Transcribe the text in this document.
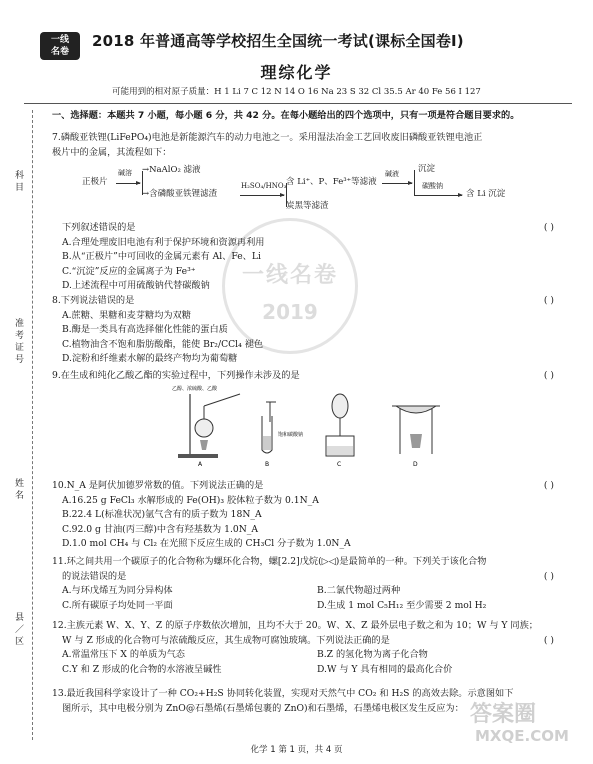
一线
名卷
2018 年普通高等学校招生全国统一考试(课标全国卷Ⅰ)
理综化学
可能用到的相对原子质量：H 1 Li 7 C 12 N 14 O 16 Na 23 S 32 Cl 35.5 Ar 40 Fe 56 I 127
科目
准考证号
姓名
县／区
一线名卷
2019
一、选择题：本题共 7 小题，每小题 6 分，共 42 分。在每小题给出的四个选项中，只有一项是符合题目要求的。
7.磷酸亚铁锂(LiFePO₄)电池是新能源汽车的动力电池之一。采用湿法冶金工艺回收废旧磷酸亚铁锂电池正
极片中的金属，其流程如下：
正极片
碱溶 →NaAlO₂ 滤液
→含磷酸亚铁锂滤渣
H₂SO₄/HNO₃ 含 Li⁺、P、Fe³⁺等滤液
炭黑等滤渣
碱液 沉淀
碳酸钠
含 Li 沉淀
下列叙述错误的是	( )
A.合理处理废旧电池有利于保护环境和资源再利用
B.从“正极片”中可回收的金属元素有 Al、Fe、Li
C.“沉淀”反应的金属离子为 Fe³⁺
D.上述流程中可用硫酸钠代替碳酸钠
8.下列说法错误的是	( )
A.蔗糖、果糖和麦芽糖均为双糖
B.酶是一类具有高选择催化性能的蛋白质
C.植物油含不饱和脂肪酸酯，能使 Br₂/CCl₄ 褪色
D.淀粉和纤维素水解的最终产物均为葡萄糖
9.在生成和纯化乙酸乙酯的实验过程中，下列操作未涉及的是	( )
乙醇、浓硫酸、乙酸
A
饱和碳酸钠
B	C	D
10.N_A 是阿伏加德罗常数的值。下列说法正确的是	( )
A.16.25 g FeCl₃ 水解形成的 Fe(OH)₃ 胶体粒子数为 0.1N_A
B.22.4 L(标准状况)氩气含有的质子数为 18N_A
C.92.0 g 甘油(丙三醇)中含有羟基数为 1.0N_A
D.1.0 mol CH₄ 与 Cl₂ 在光照下反应生成的 CH₃Cl 分子数为 1.0N_A
11.环之间共用一个碳原子的化合物称为螺环化合物，螺[2.2]戊烷(▷◁)是最简单的一种。下列关于该化合物
的说法错误的是	( )
A.与环戊烯互为同分异构体	B.二氯代物超过两种
C.所有碳原子均处同一平面	D.生成 1 mol C₅H₁₂ 至少需要 2 mol H₂
12.主族元素 W、X、Y、Z 的原子序数依次增加，且均不大于 20。W、X、Z 最外层电子数之和为 10；W 与 Y 同族；
W 与 Z 形成的化合物可与浓硫酸反应，其生成物可腐蚀玻璃。下列说法正确的是	( )
A.常温常压下 X 的单质为气态	B.Z 的氢化物为离子化合物
C.Y 和 Z 形成的化合物的水溶液呈碱性	D.W 与 Y 具有相同的最高化合价
13.最近我国科学家设计了一种 CO₂+H₂S 协同转化装置，实现对天然气中 CO₂ 和 H₂S 的高效去除。示意图如下
图所示，其中电极分别为 ZnO@石墨烯(石墨烯包裹的 ZnO)和石墨烯，石墨烯电极区发生反应为： 答案圈
MXQE.COM
化学 1 第 1 页，共 4 页
